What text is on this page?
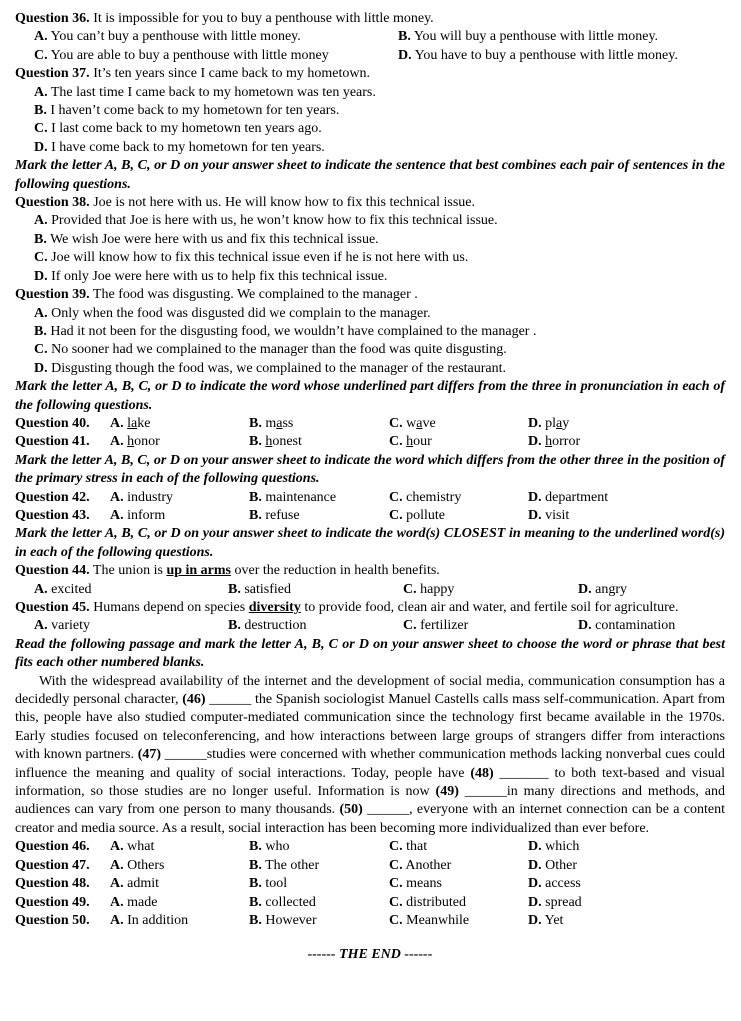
Question 36. It is impossible for you to buy a penthouse with little money.
A. You can’t buy a penthouse with little money.	B. You will buy a penthouse with little money.
C. You are able to buy a penthouse with little money	D. You have to buy a penthouse with little money.
Question 37. It’s ten years since I came back to my hometown.
A. The last time I came back to my hometown was ten years.
B. I haven’t come back to my hometown for ten years.
C. I last come back to my hometown ten years ago.
D. I have come back to my hometown for ten years.
Mark the letter A, B, C, or D on your answer sheet to indicate the sentence that best combines each pair of sentences in the following questions.
Question 38. Joe is not here with us. He will know how to fix this technical issue.
A. Provided that Joe is here with us, he won’t know how to fix this technical issue.
B. We wish Joe were here with us and fix this technical issue.
C. Joe will know how to fix this technical issue even if he is not here with us.
D. If only Joe were here with us to help fix this technical issue.
Question 39. The food was disgusting. We complained to the manager .
A. Only when the food was disgusted did we complain to the manager.
B. Had it not been for the disgusting food, we wouldn’t have complained to the manager .
C. No sooner had we complained to the manager than the food was quite disgusting.
D. Disgusting though the food was, we complained to the manager of the restaurant.
Mark the letter A, B, C, or D to indicate the word whose underlined part differs from the three in pronunciation in each of the following questions.
Question 40.	A. lake	B. mass	C. wave	D. play
Question 41.	A. honor	B. honest	C. hour	D. horror
Mark the letter A, B, C, or D on your answer sheet to indicate the word which differs from the other three in the position of the primary stress in each of the following questions.
Question 42.	A. industry	B. maintenance	C. chemistry	D. department
Question 43.	A. inform	B. refuse	C. pollute	D. visit
Mark the letter A, B, C, or D on your answer sheet to indicate the word(s) CLOSEST in meaning to the underlined word(s) in each of the following questions.
Question 44. The union is up in arms over the reduction in health benefits.
A. excited	B. satisfied	C. happy	D. angry
Question 45. Humans depend on species diversity to provide food, clean air and water, and fertile soil for agriculture.
A. variety	B. destruction	C. fertilizer	D. contamination
Read the following passage and mark the letter A, B, C or D on your answer sheet to choose the word or phrase that best fits each other numbered blanks.

With the widespread availability of the internet and the development of social media, communication consumption has a decidedly personal character, (46) ______ the Spanish sociologist Manuel Castells calls mass self-communication. Apart from this, people have also studied computer-mediated communication since the technology first became available in the 1970s. Early studies focused on teleconferencing, and how interactions between large groups of strangers differ from interactions with known partners. (47) ______studies were concerned with whether communication methods lacking nonverbal cues could influence the meaning and quality of social interactions. Today, people have (48) _______ to both text-based and visual information, so those studies are no longer useful. Information is now (49) ______in many directions and methods, and audiences can vary from one person to many thousands. (50) ______, everyone with an internet connection can be a content creator and media source. As a result, social interaction has been becoming more individualized than ever before.

Question 46.	A. what	B. who	C. that	D. which
Question 47.	A. Others	B. The other	C. Another	D. Other
Question 48.	A. admit	B. tool	C. means	D. access
Question 49.	A. made	B. collected	C. distributed	D. spread
Question 50.	A. In addition	B. However	C. Meanwhile	D. Yet
------ THE END ------
